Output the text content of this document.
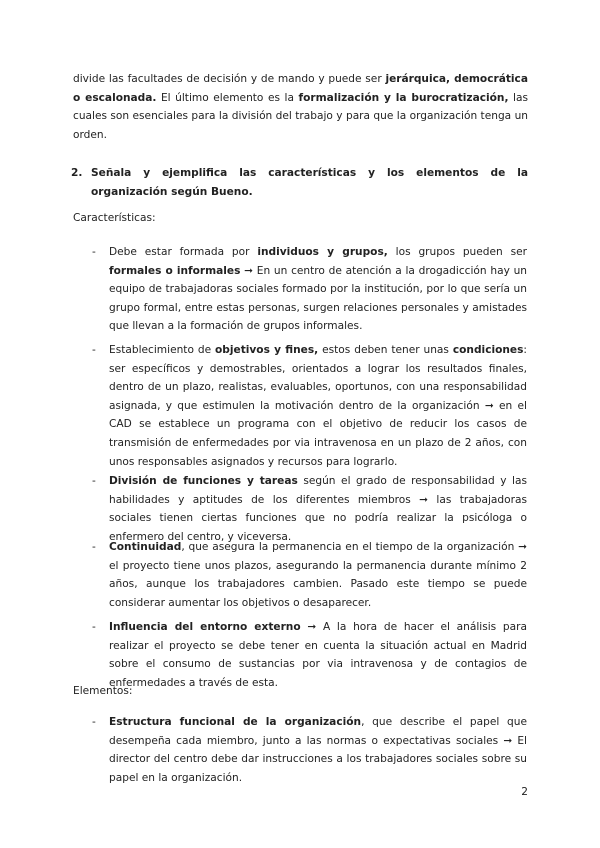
divide las facultades de decisión y de mando y puede ser jerárquica, democrática o escalonada. El último elemento es la formalización y la burocratización, las cuales son esenciales para la división del trabajo y para que la organización tenga un orden.

2. Señala y ejemplifica las características y los elementos de la organización según Bueno.

Características:
- Debe estar formada por individuos y grupos, los grupos pueden ser formales o informales ➞ En un centro de atención a la drogadicción hay un equipo de trabajadoras sociales formado por la institución, por lo que sería un grupo formal, entre estas personas, surgen relaciones personales y amistades que llevan a la formación de grupos informales.

- Establecimiento de objetivos y fines, estos deben tener unas condiciones: ser específicos y demostrables, orientados a lograr los resultados finales, dentro de un plazo, realistas, evaluables, oportunos, con una responsabilidad asignada, y que estimulen la motivación dentro de la organización ➞ en el CAD se establece un programa con el objetivo de reducir los casos de transmisión de enfermedades por via intravenosa en un plazo de 2 años, con unos responsables asignados y recursos para lograrlo.

- División de funciones y tareas según el grado de responsabilidad y las habilidades y aptitudes de los diferentes miembros ➞ las trabajadoras sociales tienen ciertas funciones que no podría realizar la psicóloga o enfermero del centro, y viceversa.

- Continuidad, que asegura la permanencia en el tiempo de la organización ➞ el proyecto tiene unos plazos, asegurando la permanencia durante mínimo 2 años, aunque los trabajadores cambien. Pasado este tiempo se puede considerar aumentar los objetivos o desaparecer.

- Influencia del entorno externo ➞ A la hora de hacer el análisis para realizar el proyecto se debe tener en cuenta la situación actual en Madrid sobre el consumo de sustancias por via intravenosa y de contagios de enfermedades a través de esta.

Elementos:
- Estructura funcional de la organización, que describe el papel que desempeña cada miembro, junto a las normas o expectativas sociales ➞ El director del centro debe dar instrucciones a los trabajadores sociales sobre su papel en la organización.

2
